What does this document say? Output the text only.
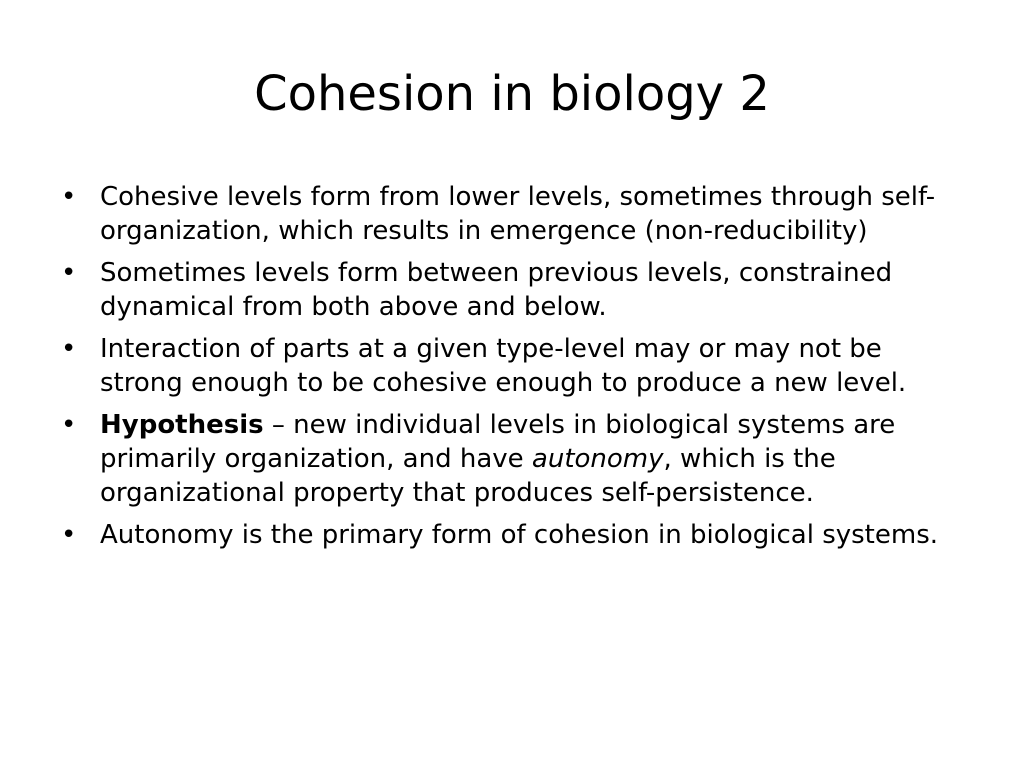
Cohesion in biology 2
• Cohesive levels form from lower levels, sometimes through self-organization, which results in emergence (non-reducibility)
• Sometimes levels form between previous levels, constrained dynamical from both above and below.
• Interaction of parts at a given type-level may or may not be strong enough to be cohesive enough to produce a new level.
• Hypothesis – new individual levels in biological systems are primarily organization, and have autonomy, which is the organizational property that produces self-persistence.
• Autonomy is the primary form of cohesion in biological systems.
